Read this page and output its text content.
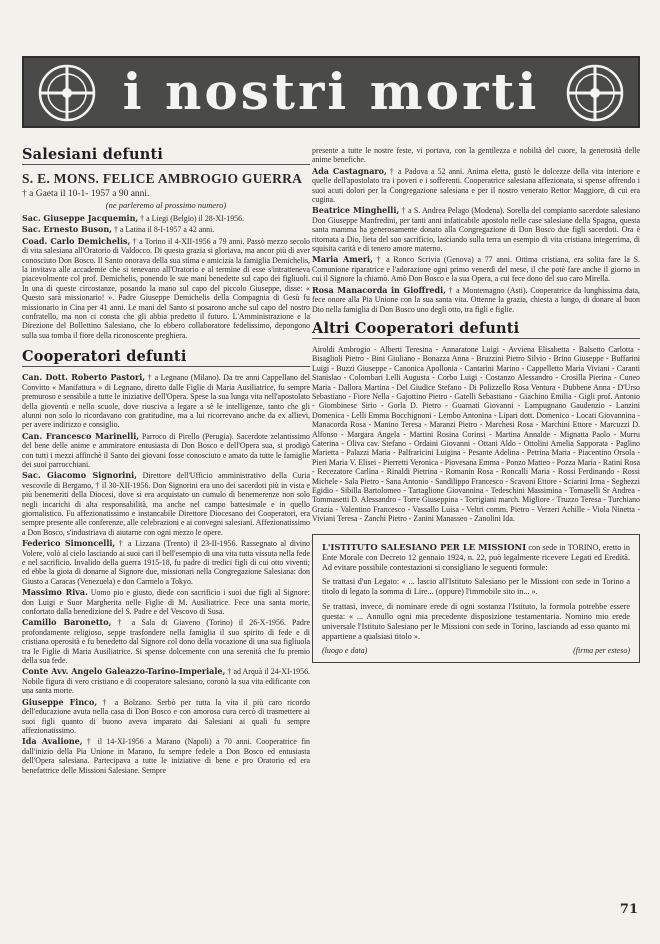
i nostri morti
Salesiani defunti
S. E. MONS. FELICE AMBROGIO GUERRA

† a Gaeta il 10-1- 1957 a 90 anni.

(ne parleremo al prossimo numero)

Sac. Giuseppe Jacquemin, † a Liegi (Belgio) il 28-XI-1956.

Sac. Ernesto Buson, † a Latina il 8-I-1957 a 42 anni.

Coad. Carlo Demichelis, † a Torino il 4-XII-1956 a 79 anni. Passò mezzo secolo di vita salesiana all'Oratorio di Valdocco. Di questa grazia si gloriava, ma ancor più di aver conosciuto Don Bosco. Il Santo onorava della sua stima e amicizia la famiglia Demichelis, la invitava alle accademie che si tenevano all'Oratorio e al termine di esse s'intratteneva piacevolmente col prof. Demichelis, ponendo le sue mani benedette sul capo dei figliuoli. In una di queste circostanze, posando la mano sul capo del piccolo Giuseppe, disse: « Questo sarà missionario! ». Padre Giuseppe Demichelis della Compagnia di Gesù fu missionario in Cina per 41 anni. Le mani del Santo si posarono anche sul capo del nostro confratello, ma non ci consta che gli abbia predetto il futuro. L'Amministrazione e la Direzione del Bollettino Salesiano, che lo ebbero collaboratore fedelissimo, depongono sulla sua tomba il fiore della riconoscente preghiera.

Cooperatori defunti

Can. Dott. Roberto Pastori, † a Legnano (Milano). Da tre anni Cappellano del Convitto « Manifattura » di Legnano, diretto dalle Figlie di Maria Ausiliatrice, fu sempre premuroso e sensibile a tutte le iniziative dell'Opera. Spese la sua lunga vita nell'apostolato della gioventù e nello scuole, dove riusciva a legare a sè le intelligenze, tanto che gli alunni non solo lo ricordavano con gratitudine, ma a lui ricorrevano anche da ex allievi, per avere indirizzo e consiglio.

Can. Francesco Marinelli, Parroco di Pirello (Perugia). Sacerdote zelantissimo del bene delle anime e ammiratore entusiasta di Don Bosco e dell'Opera sua, si prodigò con tutti i mezzi affinchè il Santo dei giovani fosse conosciuto e amato da tutte le famiglie dei suoi parrocchiani.

Sac. Giacomo Signorini, Direttore dell'Ufficio amministrativo della Curia vescovile di Bergamo, † il 30-XII-1956. Don Signorini era uno dei sacerdoti più in vista e più benemeriti della Diocesi, dove si era acquistato un cumulo di benemerenze non solo negli incarichi di alta responsabilità, ma anche nel campo battesimale e in quello giornalistico. Fu affezionatissimo e instancabile Direttore Diocesano dei Cooperatori, era sempre presente alle conferenze, alle celebrazioni e ai convegni salesiani. Affezionatissimo a Don Bosco, s'industriava di aiutarne con ogni mezzo le opere.

Federico Simoncelli, † a Lizzana (Trento) il 23-II-1956. Rassegnato al divino Volere, volò al cielo lasciando ai suoi cari il bell'esempio di una vita tutta vissuta nella fede e nel sacrificio. Invalido della guerra 1915-18, fu padre di tredici figli di cui otto viventi; ed ebbe la gioia di donarne al Signore due, missionari nella Congregazione Salesiana: don Giusto a Caracas (Venezuela) e don Carmelo a Tokyo.

Massimo Riva. Uomo pio e giusto, diede con sacrificio i suoi due figli al Signore: don Luigi e Suor Margherita nelle Figlie di M. Ausiliatrice. Fece una santa morte, confortato dalla benedizione del S. Padre e del Vescovo di Susa.

Camillo Baronetto, † a Sala di Giaveno (Torino) il 26-X-1956. Padre profondamente religioso, seppe trasfondere nella famiglia il suo spirito di fede e di cristiana operosità e fu benedetto dal Signore col dono della vocazione di una sua figliuola tra le Figlie di Maria Ausiliatrice. Si spense dolcemente con una serenità che fu premio della sua fede.

Conte Avv. Angelo Galeazzo-Tarino-Imperiale, † ad Arquà il 24-XI-1956. Nobile figura di vero cristiano e di cooperatore salesiano, coronò la sua vita edificante con una santa morte.

Giuseppe Finco, † a Bolzano. Serbò per tutta la vita il più caro ricordo dell'educazione avuta nella casa di Don Bosco e con amorosa cura cercò di trasmettere ai suoi figli quanto di buono aveva imparato dai Salesiani ai quali fu sempre affezionatissimo.

Ida Avalione, † il 14-XI-1956 a Marano (Napoli) a 70 anni. Cooperatrice fin dall'inizio della Pia Unione in Marano, fu sempre fedele a Don Bosco ed entusiasta dell'Opera salesiana. Partecipava a tutte le iniziative di bene e pro Oratorio ed era benefattrice delle Missioni Salesiane. Sempre

presente a tutte le nostre feste, vi portava, con la gentilezza e nobiltà del cuore, la generosità delle anime benefiche.

Ada Castagnaro, † a Padova a 52 anni. Anima eletta, gustò le dolcezze della vita interiore e quelle dell'apostolato tra i poveri e i sofferenti. Cooperatrice salesiana affezionata, si spense offrendo i suoi acuti dolori per la Congregazione salesiana e per il nostro venerato Rettor Maggiore, di cui era cugina.

Beatrice Minghelli, † a S. Andrea Pelago (Modena). Sorella del compianto sacerdote salesiano Don Giuseppe Manfredini, per tanti anni infaticabile apostolo nelle case salesiane della Spagna, questa santa mamma ha generosamente donato alla Congregazione di Don Bosco due figli sacerdoti. Ora è ritornata a Dio, lieta del suo sacrificio, lasciando sulla terra un esempio di vita cristiana integerrima, di squisita carità e di tenero amore materno.

Maria Ameri, † a Ronco Scrivia (Genova) a 77 anni. Ottima cristiana, era solita fare la S. Comunione riparatrice e l'adorazione ogni primo venerdì del mese, il che potè fare anche il giorno in cui il Signore la chiamò. Amò Don Bosco e la sua Opera, a cui fece dono del suo caro Mirella.

Rosa Manacorda in Gioffredi, † a Montemagno (Asti). Cooperatrice da lunghissima data, fece onore alla Pia Unione con la sua santa vita. Ottenne la grazia, chiesta a lungo, di donare al buon Dio nella famiglia di Don Bosco uno degli otto, tra figli e figlie.

Altri Cooperatori defunti

Airoldi Ambrogio - Alberti Teresina - Annaratone Luigi - Avviena Elisabetta - Balsetto Carlotta - Bisaglioli Pietro - Bini Giuliano - Bonazza Anna - Bruzzini Pietro Silvio - Brino Giuseppe - Buffarini Luigi - Buzzi Giuseppe - Canonica Apollonia - Cantarini Marino - Cappelletto Maria Viviani - Caranti Stanislao - Colombari Lelli Augusta - Corbo Luigi - Costanzo Alessandro - Crosilla Pierina - Cuneo Maria - Dallora Martina - Del Giudice Stefano - Di Polizzello Rosa Ventura - Dubbene Anna - D'Urso Sebastiano - Fiore Nella - Gajottino Pietro - Gatelli Sebastiano - Giachino Emilia - Gigli prof. Antonio - Giombinese Sirio - Gorla D. Pietro - Guarnati Giovanni - Lampugnano Gaudenzio - Lanzini Domenica - Lelli Emma Bocchignoni - Lembo Antonina - Lipari dott. Domenico - Locati Giovannina - Manacorda Rosa - Manino Teresa - Maranzi Pietro - Marchesi Rosa - Marchini Ettore - Marcuzzi D. Alfonso - Margara Angela - Martini Rosina Corinsi - Martina Annalde - Mignatta Paolo - Murru Caterina - Oliva cav. Stefano - Ordaini Giovanni - Ottani Aldo - Ottolini Amelia Sapporata - Paglino Marietta - Palazzi Maria - Palfraricini Luigina - Pesante Adelina - Petrina Maria - Piacentino Orsola - Pieri Maria V. Elisei - Pierretti Veronica - Piovesana Emma - Ponzo Matteo - Pozza Maria - Ratini Rosa - Recezatore Carlina - Rinaldi Pietrina - Romanin Rosa - Roncalli Maria - Rossi Ferdinando - Rossi Michele - Sala Pietro - Sana Antonio - Sandilippo Francesco - Scavoni Ettore - Sciarini Irma - Seghezzi Egidio - Sibilla Bartolomeo - Tartaglione Giovannina - Tedeschini Massimina - Tomaselli Sr Andrea - Tommasetti D. Alessandro - Torre Giuseppina - Torrigiani march. Migliore - Truzzo Teresa - Turchiano Grazia - Valentino Francesco - Vassallo Luisa - Veltri comm. Pietro - Verzeri Achille - Viola Ninetta - Viviani Teresa - Zanchi Pietro - Zanini Manasseo - Zanolini Ida.

L'ISTITUTO SALESIANO PER LE MISSIONI con sede in TORINO, eretto in Ente Morale con Decreto 12 gennaio 1924, n. 22, può legalmente ricevere Legati ed Eredità. Ad evitare possibile contestazioni si consigliano le seguenti formule:

Se trattasi d'un Legato: « ... lascio all'Istituto Salesiano per le Missioni con sede in Torino a titolo di legato la somma di Lire... (oppure) l'immobile sito in... ».

Se trattasi, invece, di nominare erede di ogni sostanza l'Istituto, la formola potrebbe essere questa: « ... Annullo ogni mia precedente disposizione testamentaria. Nomino mio erede universale l'Istituto Salesiano per le Missioni con sede in Torino, lasciando ad esso quanto mi appartiene a qualsiasi titolo ».

(luogo e data)	(firma per esteso)
71
